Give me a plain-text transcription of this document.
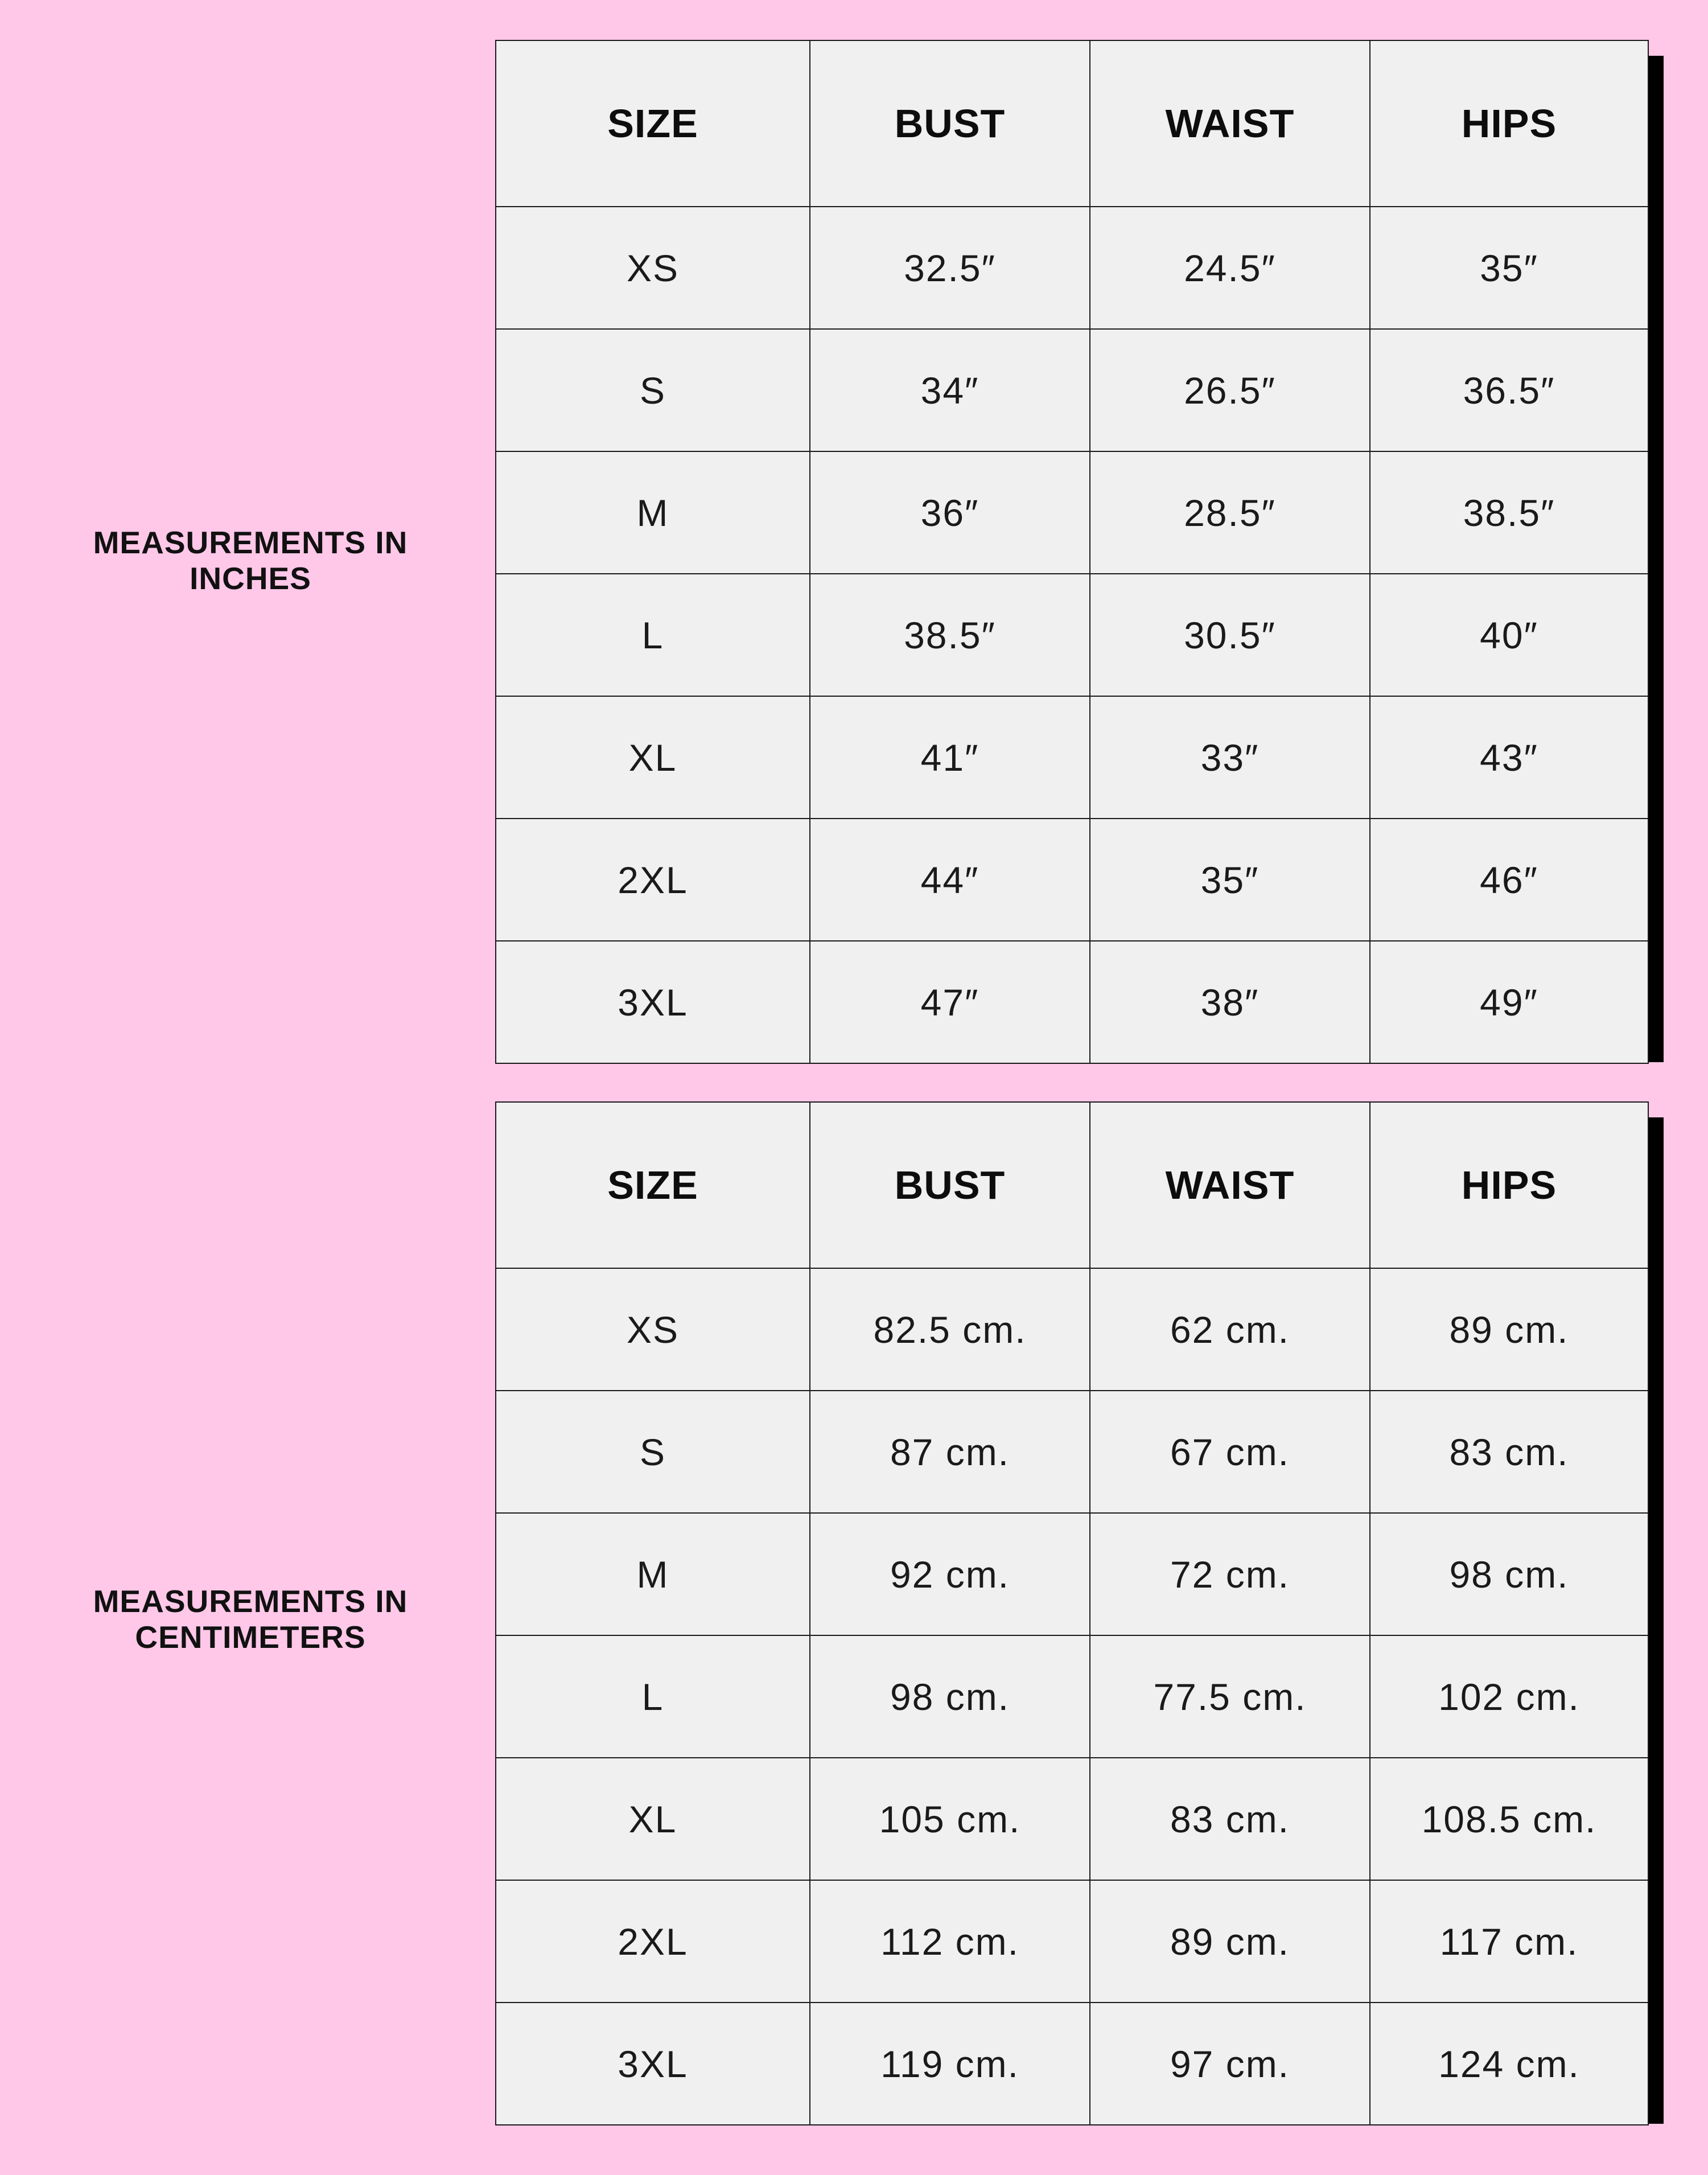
MEASUREMENTS IN
INCHES
SIZE	BUST	WAIST	HIPS
XS	32.5″	24.5″	35″
S	34″	26.5″	36.5″
M	36″	28.5″	38.5″
L	38.5″	30.5″	40″
XL	41″	33″	43″
2XL	44″	35″	46″
3XL	47″	38″	49″
MEASUREMENTS IN
CENTIMETERS
SIZE	BUST	WAIST	HIPS
XS	82.5 cm.	62 cm.	89 cm.
S	87 cm.	67 cm.	83 cm.
M	92 cm.	72 cm.	98 cm.
L	98 cm.	77.5 cm.	102 cm.
XL	105 cm.	83 cm.	108.5 cm.
2XL	112 cm.	89 cm.	117 cm.
3XL	119 cm.	97 cm.	124 cm.
